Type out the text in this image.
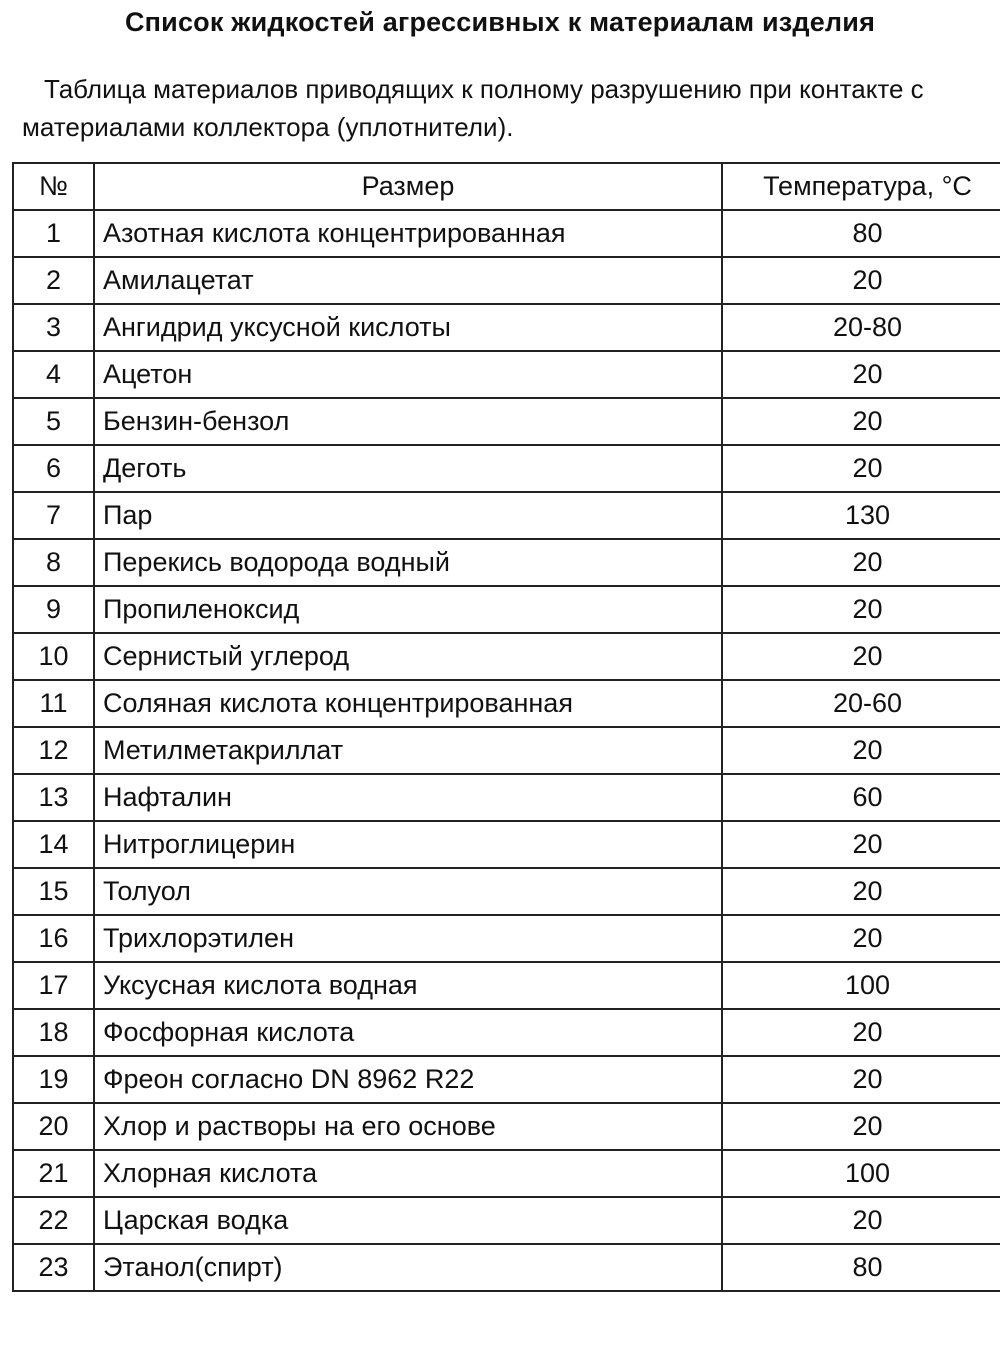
Список жидкостей агрессивных к материалам изделия
Таблица материалов приводящих к полному разрушению при контакте с материалами коллектора (уплотнители).
№	Размер	Температура, °С
1	Азотная кислота концентрированная	80
2	Амилацетат	20
3	Ангидрид уксусной кислоты	20-80
4	Ацетон	20
5	Бензин-бензол	20
6	Деготь	20
7	Пар	130
8	Перекись водорода водный	20
9	Пропиленоксид	20
10	Сернистый углерод	20
11	Соляная кислота концентрированная	20-60
12	Метилметакриллат	20
13	Нафталин	60
14	Нитроглицерин	20
15	Толуол	20
16	Трихлорэтилен	20
17	Уксусная кислота водная	100
18	Фосфорная кислота	20
19	Фреон согласно DN 8962 R22	20
20	Хлор и растворы на его основе	20
21	Хлорная кислота	100
22	Царская водка	20
23	Этанол(спирт)	80
